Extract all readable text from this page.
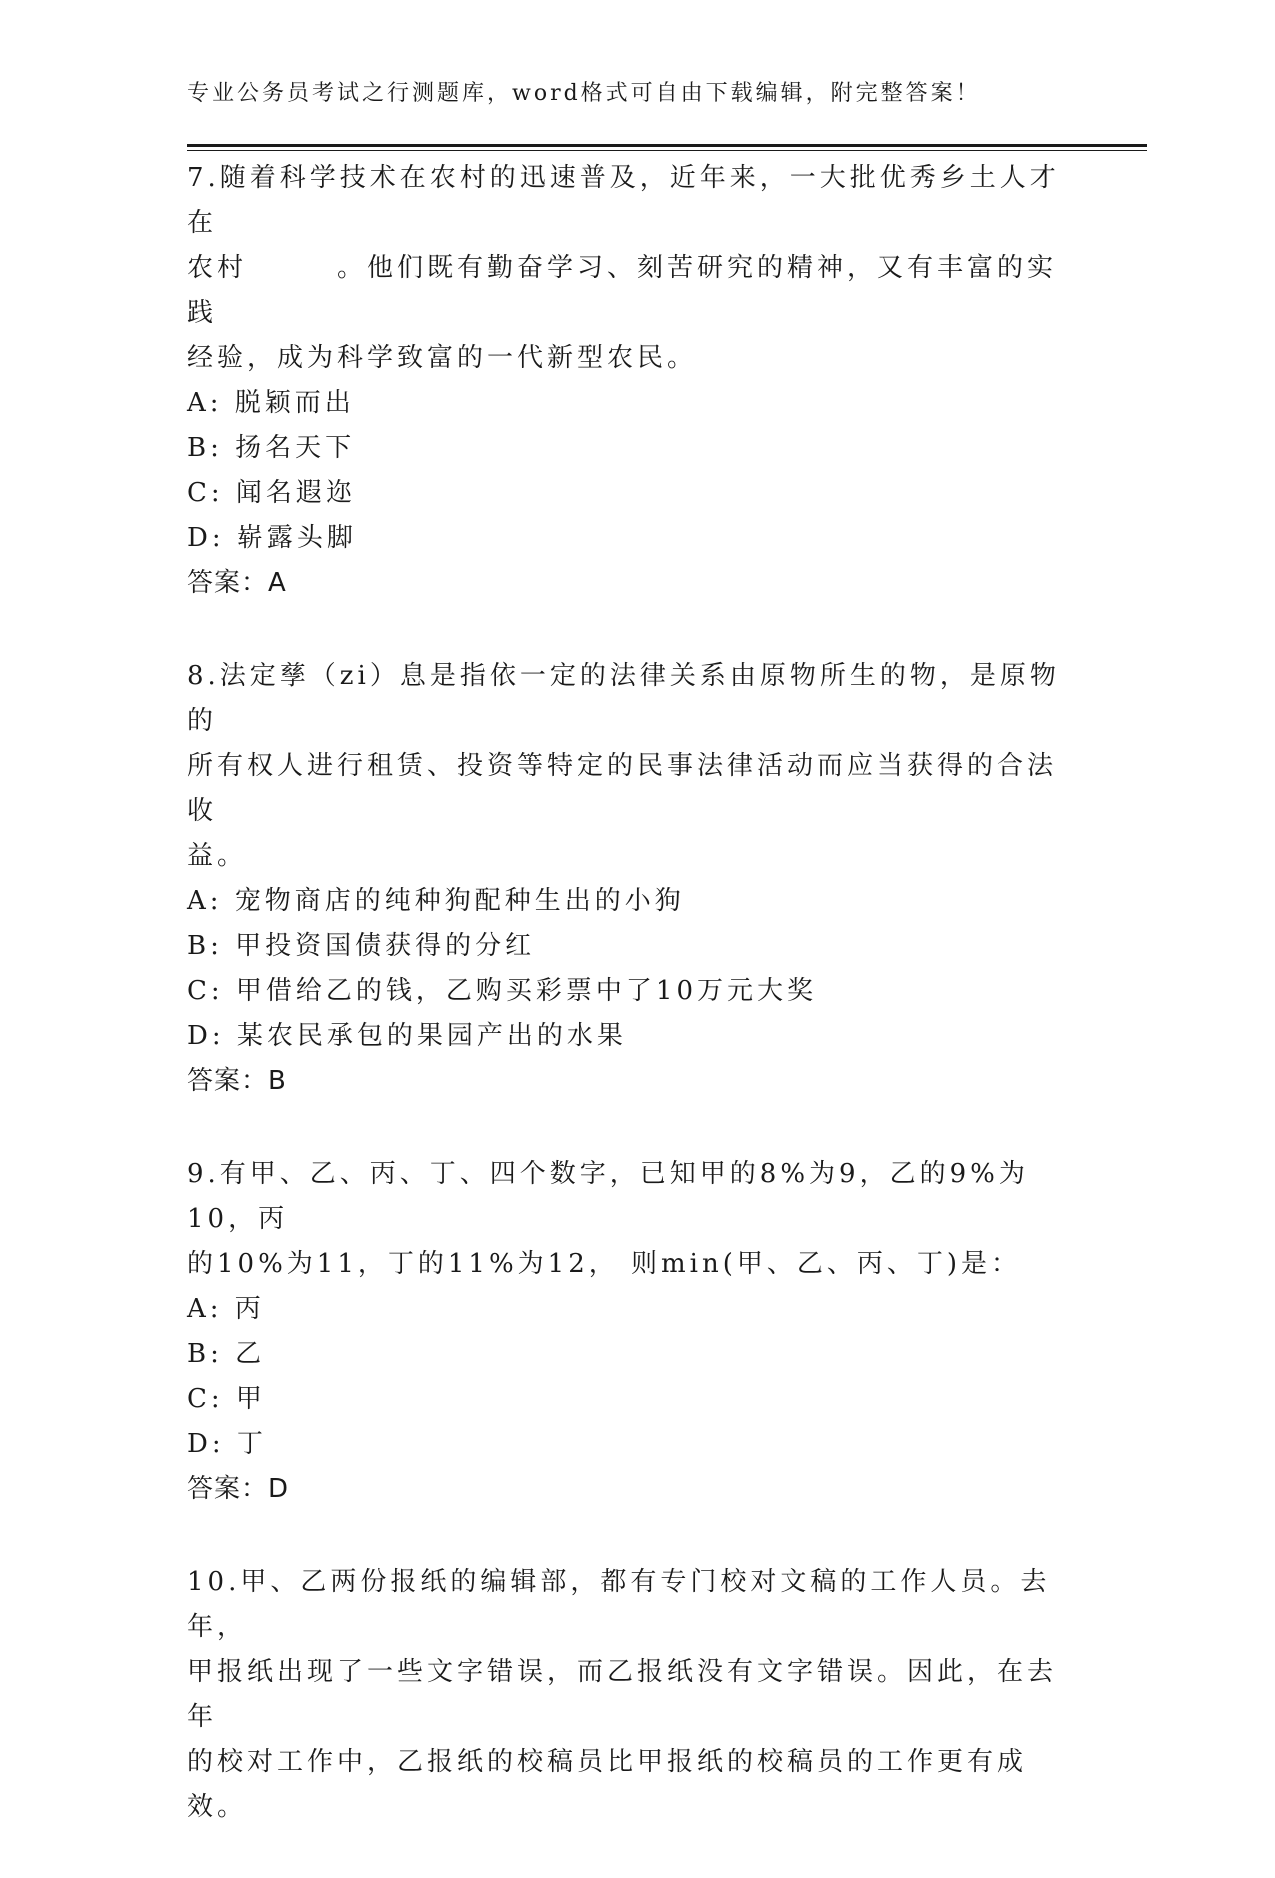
专业公务员考试之行测题库，word格式可自由下载编辑，附完整答案！
7.随着科学技术在农村的迅速普及，近年来，一大批优秀乡土人才在
农村　　　。他们既有勤奋学习、刻苦研究的精神，又有丰富的实践
经验，成为科学致富的一代新型农民。
A: 脱颖而出
B: 扬名天下
C: 闻名遐迩
D: 崭露头脚
答案：A
8.法定孳（zi）息是指依一定的法律关系由原物所生的物，是原物的
所有权人进行租赁、投资等特定的民事法律活动而应当获得的合法收
益。
A: 宠物商店的纯种狗配种生出的小狗
B: 甲投资国债获得的分红
C: 甲借给乙的钱，乙购买彩票中了10万元大奖
D: 某农民承包的果园产出的水果
答案：B
9.有甲、乙、丙、丁、四个数字，已知甲的8%为9，乙的9%为10，丙
的10%为11，丁的11%为12， 则min(甲、乙、丙、丁)是：
A: 丙
B: 乙
C: 甲
D: 丁
答案：D
10.甲、乙两份报纸的编辑部，都有专门校对文稿的工作人员。去年，
甲报纸出现了一些文字错误，而乙报纸没有文字错误。因此，在去年
的校对工作中，乙报纸的校稿员比甲报纸的校稿员的工作更有成效。
